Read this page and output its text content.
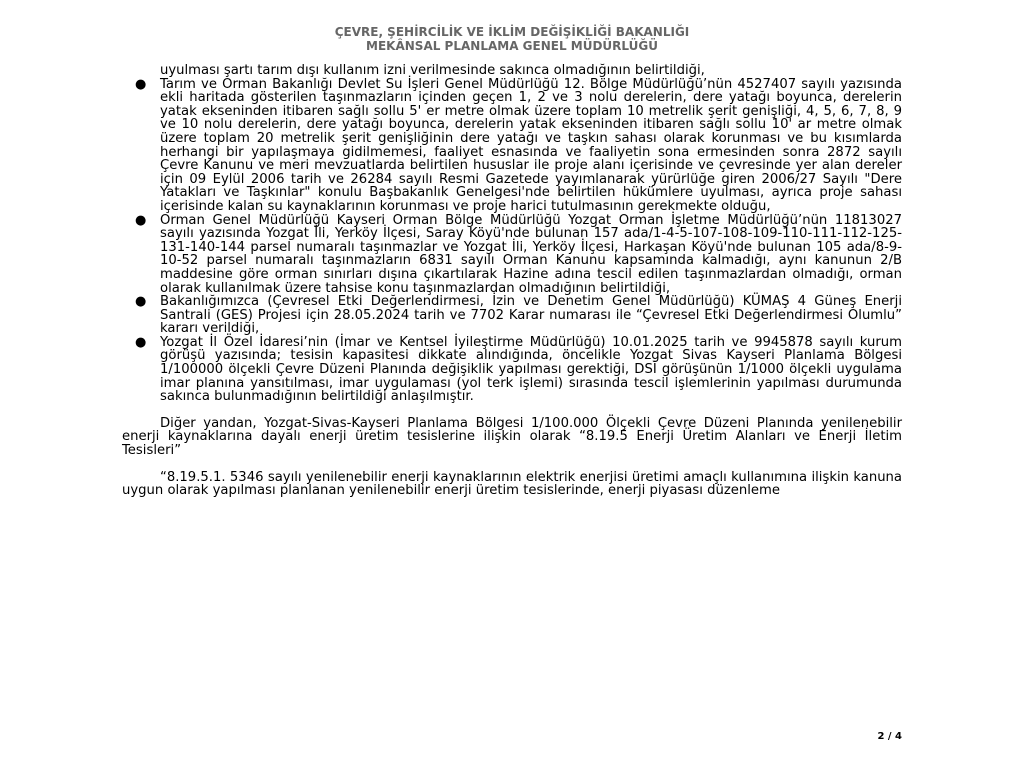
ÇEVRE, ŞEHİRCİLİK VE İKLİM DEĞİŞİKLİĞİ BAKANLIĞI
MEKÂNSAL PLANLAMA GENEL MÜDÜRLÜĞÜ

uyulması şartı tarım dışı kullanım izni verilmesinde sakınca olmadığının belirtildiği,

● Tarım ve Orman Bakanlığı Devlet Su İşleri Genel Müdürlüğü 12. Bölge Müdürlüğü’nün 4527407 sayılı yazısında ekli haritada gösterilen taşınmazların içinden geçen 1, 2 ve 3 nolu derelerin, dere yatağı boyunca, derelerin yatak ekseninden itibaren sağlı sollu 5' er metre olmak üzere toplam 10 metrelik şerit genişliği, 4, 5, 6, 7, 8, 9 ve 10 nolu derelerin, dere yatağı boyunca, derelerin yatak ekseninden itibaren sağlı sollu 10' ar metre olmak üzere toplam 20 metrelik şerit genişliğinin dere yatağı ve taşkın sahası olarak korunması ve bu kısımlarda herhangi bir yapılaşmaya gidilmemesi, faaliyet esnasında ve faaliyetin sona ermesinden sonra 2872 sayılı Çevre Kanunu ve meri mevzuatlarda belirtilen hususlar ile proje alanı içerisinde ve çevresinde yer alan dereler için 09 Eylül 2006 tarih ve 26284 sayılı Resmi Gazetede yayımlanarak yürürlüğe giren 2006/27 Sayılı "Dere Yatakları ve Taşkınlar" konulu Başbakanlık Genelgesi'nde belirtilen hükümlere uyulması, ayrıca proje sahası içerisinde kalan su kaynaklarının korunması ve proje harici tutulmasının gerekmekte olduğu,
● Orman Genel Müdürlüğü Kayseri Orman Bölge Müdürlüğü Yozgat Orman İşletme Müdürlüğü’nün 11813027 sayılı yazısında Yozgat İli, Yerköy İlçesi, Saray Köyü'nde bulunan 157 ada/1-4-5-107-108-109-110-111-112-125-131-140-144 parsel numaralı taşınmazlar ve Yozgat İli, Yerköy İlçesi, Harkaşan Köyü'nde bulunan 105 ada/8-9-10-52 parsel numaralı taşınmazların 6831 sayılı Orman Kanunu kapsamında kalmadığı, aynı kanunun 2/B maddesine göre orman sınırları dışına çıkartılarak Hazine adına tescil edilen taşınmazlardan olmadığı, orman olarak kullanılmak üzere tahsise konu taşınmazlardan olmadığının belirtildiği,
● Bakanlığımızca (Çevresel Etki Değerlendirmesi, İzin ve Denetim Genel Müdürlüğü) KÜMAŞ 4 Güneş Enerji Santrali (GES) Projesi için 28.05.2024 tarih ve 7702 Karar numarası ile “Çevresel Etki Değerlendirmesi Olumlu” kararı verildiği,
● Yozgat İl Özel İdaresi’nin (İmar ve Kentsel İyileştirme Müdürlüğü) 10.01.2025 tarih ve 9945878 sayılı kurum görüşü yazısında; tesisin kapasitesi dikkate alındığında, öncelikle Yozgat Sivas Kayseri Planlama Bölgesi 1/100000 ölçekli Çevre Düzeni Planında değişiklik yapılması gerektiği, DSİ görüşünün 1/1000 ölçekli uygulama imar planına yansıtılması, imar uygulaması (yol terk işlemi) sırasında tescil işlemlerinin yapılması durumunda sakınca bulunmadığının belirtildiği anlaşılmıştır.

Diğer yandan, Yozgat-Sivas-Kayseri Planlama Bölgesi 1/100.000 Ölçekli Çevre Düzeni Planında yenilenebilir enerji kaynaklarına dayalı enerji üretim tesislerine ilişkin olarak “8.19.5 Enerji Üretim Alanları ve Enerji İletim Tesisleri”

“8.19.5.1. 5346 sayılı yenilenebilir enerji kaynaklarının elektrik enerjisi üretimi amaçlı kullanımına ilişkin kanuna uygun olarak yapılması planlanan yenilenebilir enerji üretim tesislerinde, enerji piyasası düzenleme

2 / 4
